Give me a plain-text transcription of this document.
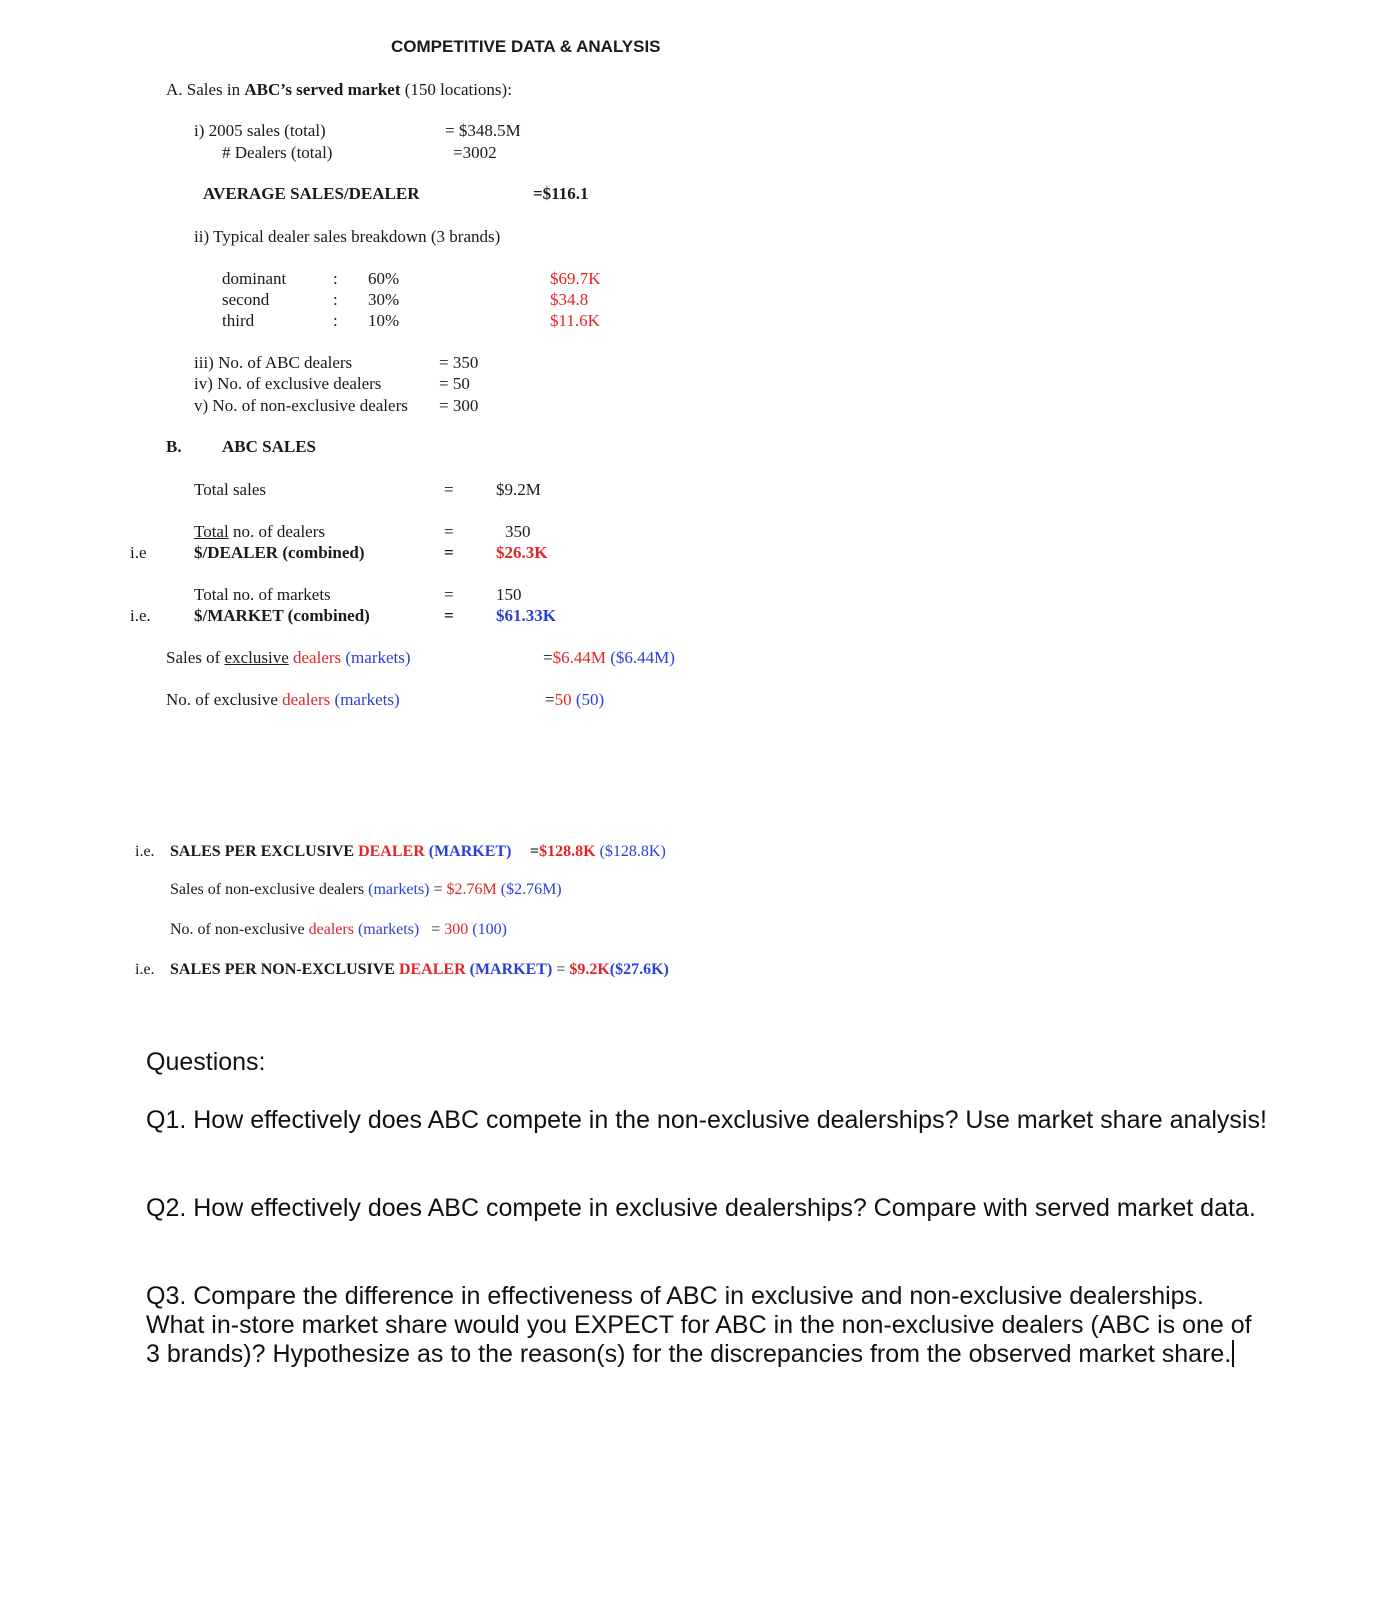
COMPETITIVE DATA & ANALYSIS
A. Sales in ABC’s served market (150 locations):
i) 2005 sales (total)	= $348.5M
# Dealers (total)	=3002
AVERAGE SALES/DEALER	=$116.1
ii) Typical dealer sales breakdown (3 brands)
dominant	: 60%	$69.7K
second	: 30%	$34.8
third	: 10%	$11.6K
iii) No. of ABC dealers	= 350
iv) No. of exclusive dealers	= 50
v) No. of non-exclusive dealers = 300
B. ABC SALES
Total sales	= $9.2M
Total no. of dealers	=	350
i.e	$/DEALER (combined)	= $26.3K
Total no. of markets	= 150
i.e.	$/MARKET (combined)	= $61.33K
Sales of exclusive dealers (markets)	=$6.44M ($6.44M)
No. of exclusive dealers (markets)	=50 (50)
i.e. SALES PER EXCLUSIVE DEALER (MARKET) =$128.8K ($128.8K)
Sales of non-exclusive dealers (markets) = $2.76M ($2.76M)
No. of non-exclusive dealers (markets) = 300 (100)
i.e. SALES PER NON-EXCLUSIVE DEALER (MARKET) = $9.2K($27.6K)
Questions:
Q1. How effectively does ABC compete in the non-exclusive dealerships? Use market share analysis!
Q2. How effectively does ABC compete in exclusive dealerships? Compare with served market data.
Q3. Compare the difference in effectiveness of ABC in exclusive and non-exclusive dealerships. What in-store market share would you EXPECT for ABC in the non-exclusive dealers (ABC is one of 3 brands)? Hypothesize as to the reason(s) for the discrepancies from the observed market share.
